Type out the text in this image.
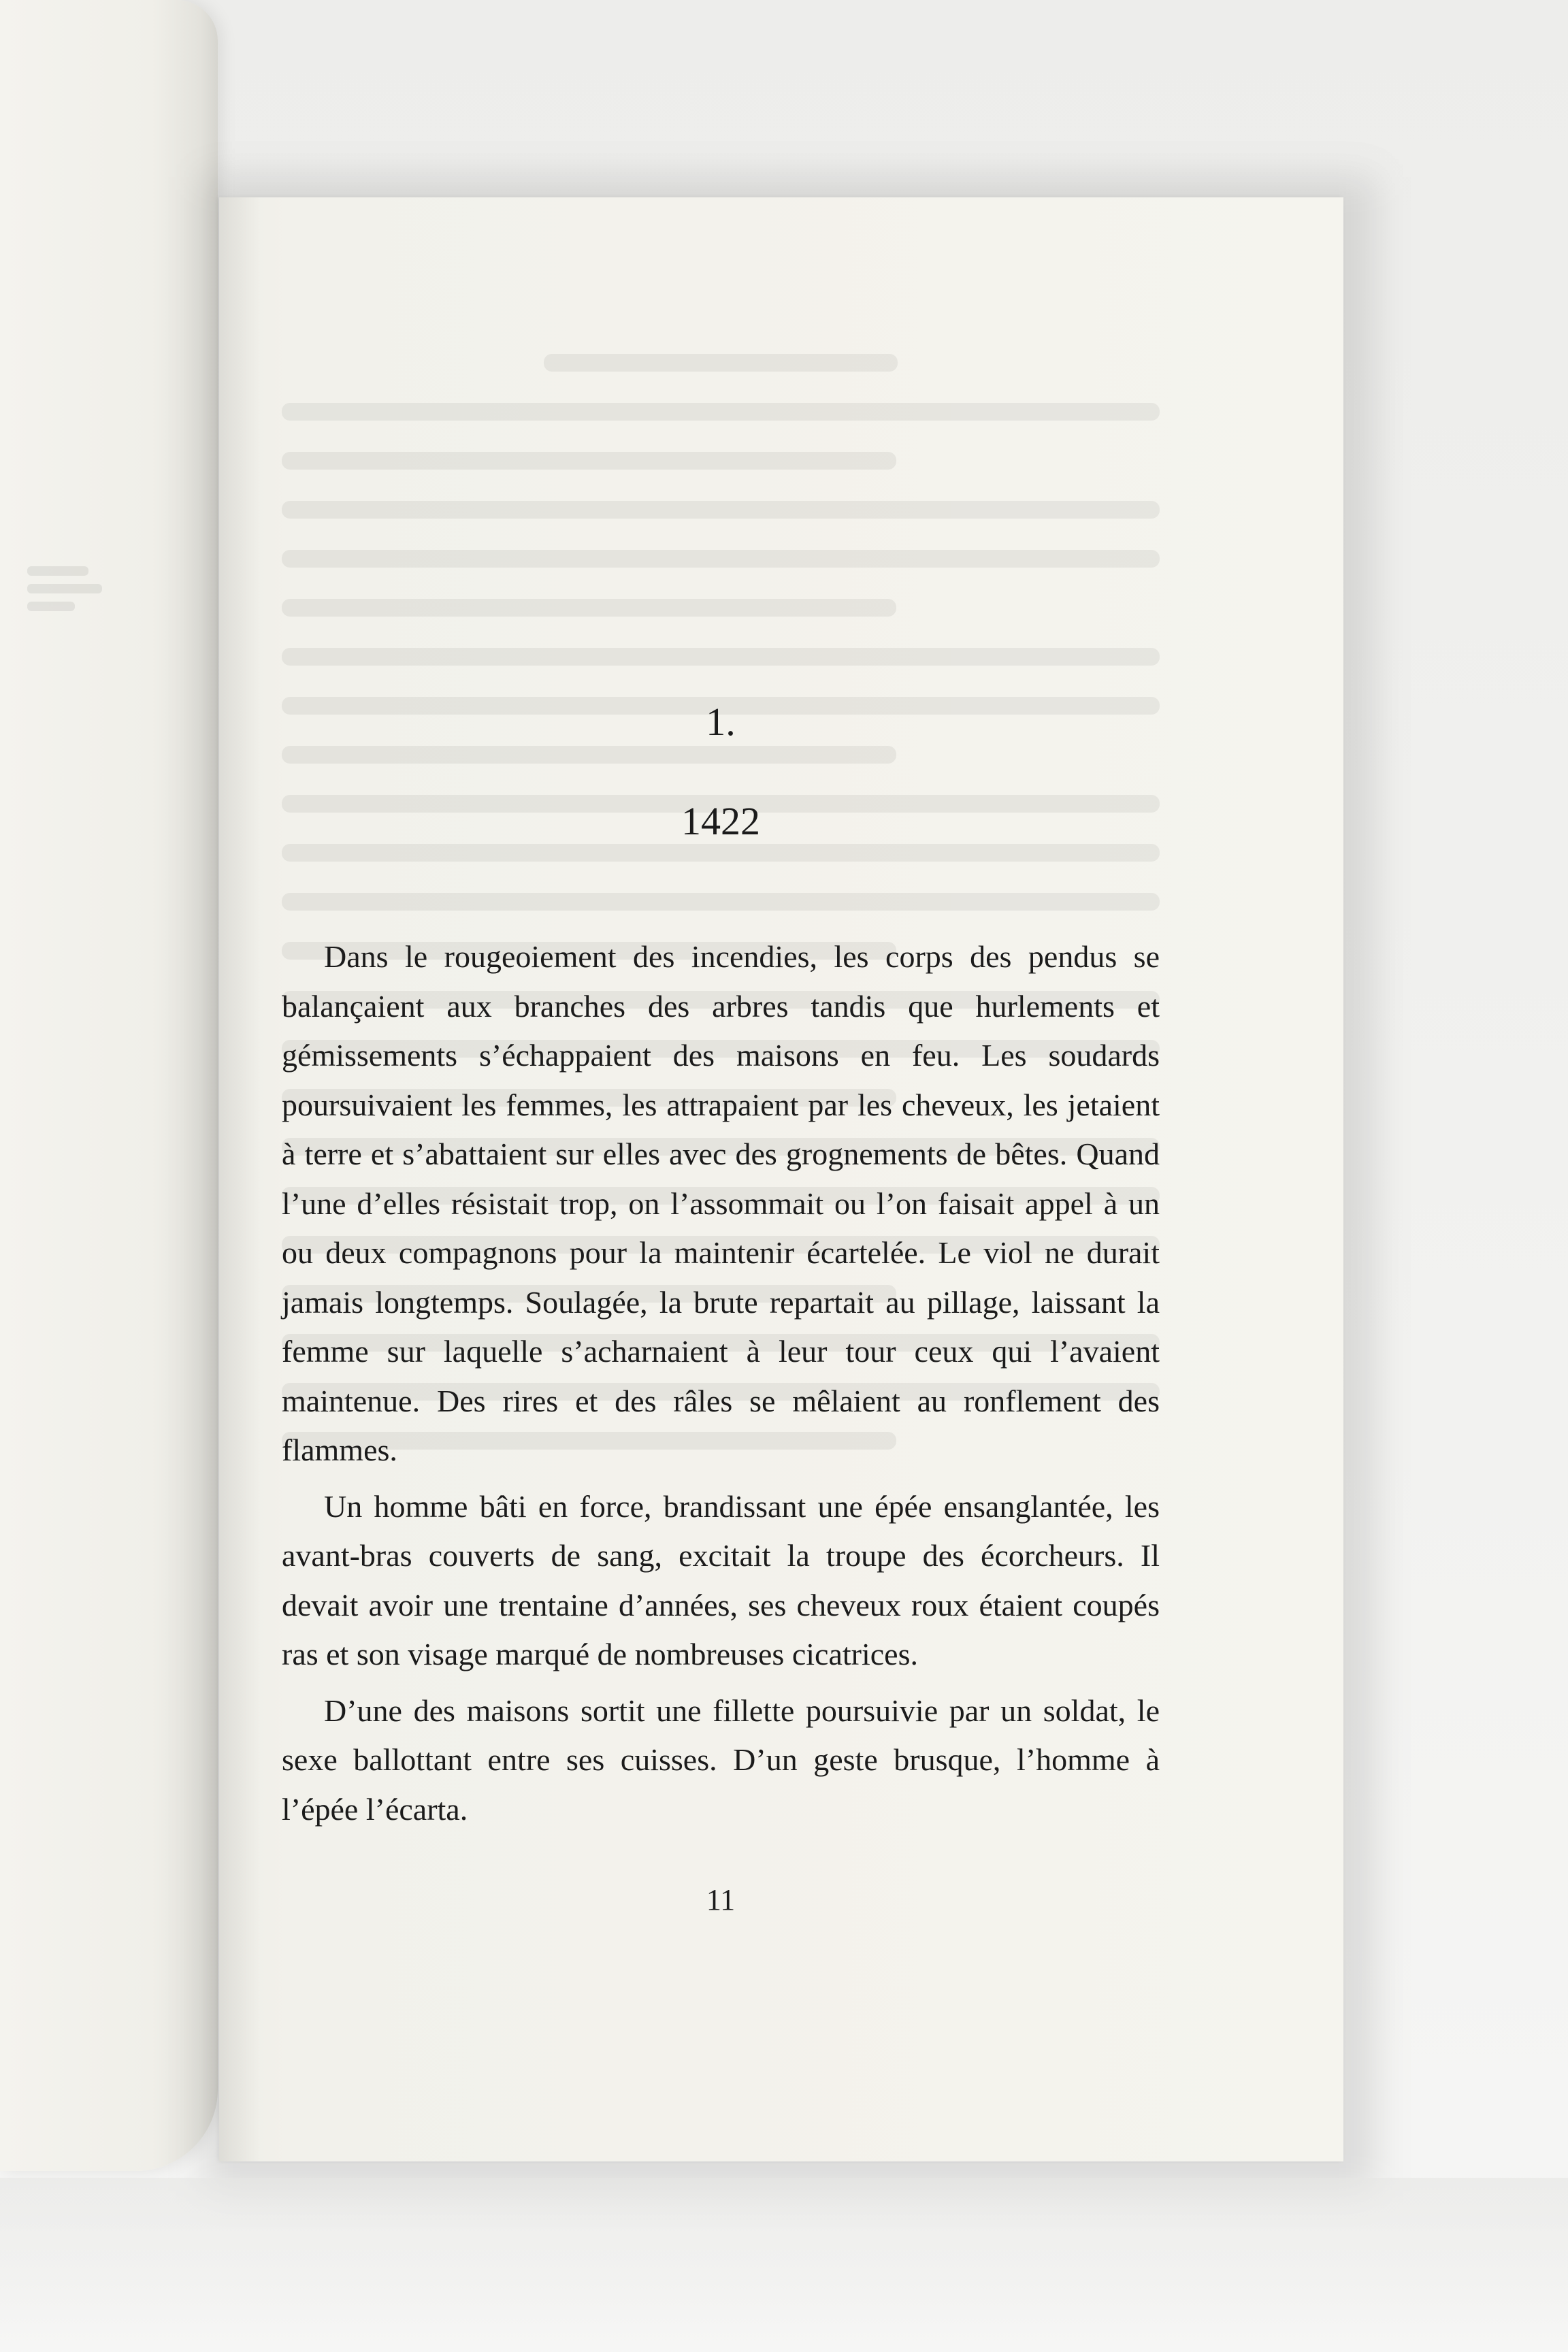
1.
1422

Dans le rougeoiement des incendies, les corps des pendus se balançaient aux branches des arbres tandis que hurlements et gémissements s’échappaient des maisons en feu. Les soudards poursuivaient les femmes, les attrapaient par les cheveux, les jetaient à terre et s’abattaient sur elles avec des grognements de bêtes. Quand l’une d’elles résistait trop, on l’assommait ou l’on faisait appel à un ou deux compagnons pour la maintenir écartelée. Le viol ne durait jamais longtemps. Soulagée, la brute repartait au pillage, laissant la femme sur laquelle s’acharnaient à leur tour ceux qui l’avaient maintenue. Des rires et des râles se mêlaient au ronflement des flammes.

Un homme bâti en force, brandissant une épée ensanglantée, les avant-bras couverts de sang, excitait la troupe des écorcheurs. Il devait avoir une trentaine d’années, ses cheveux roux étaient coupés ras et son visage marqué de nombreuses cicatrices.

D’une des maisons sortit une fillette poursuivie par un soldat, le sexe ballottant entre ses cuisses. D’un geste brusque, l’homme à l’épée l’écarta.

11
